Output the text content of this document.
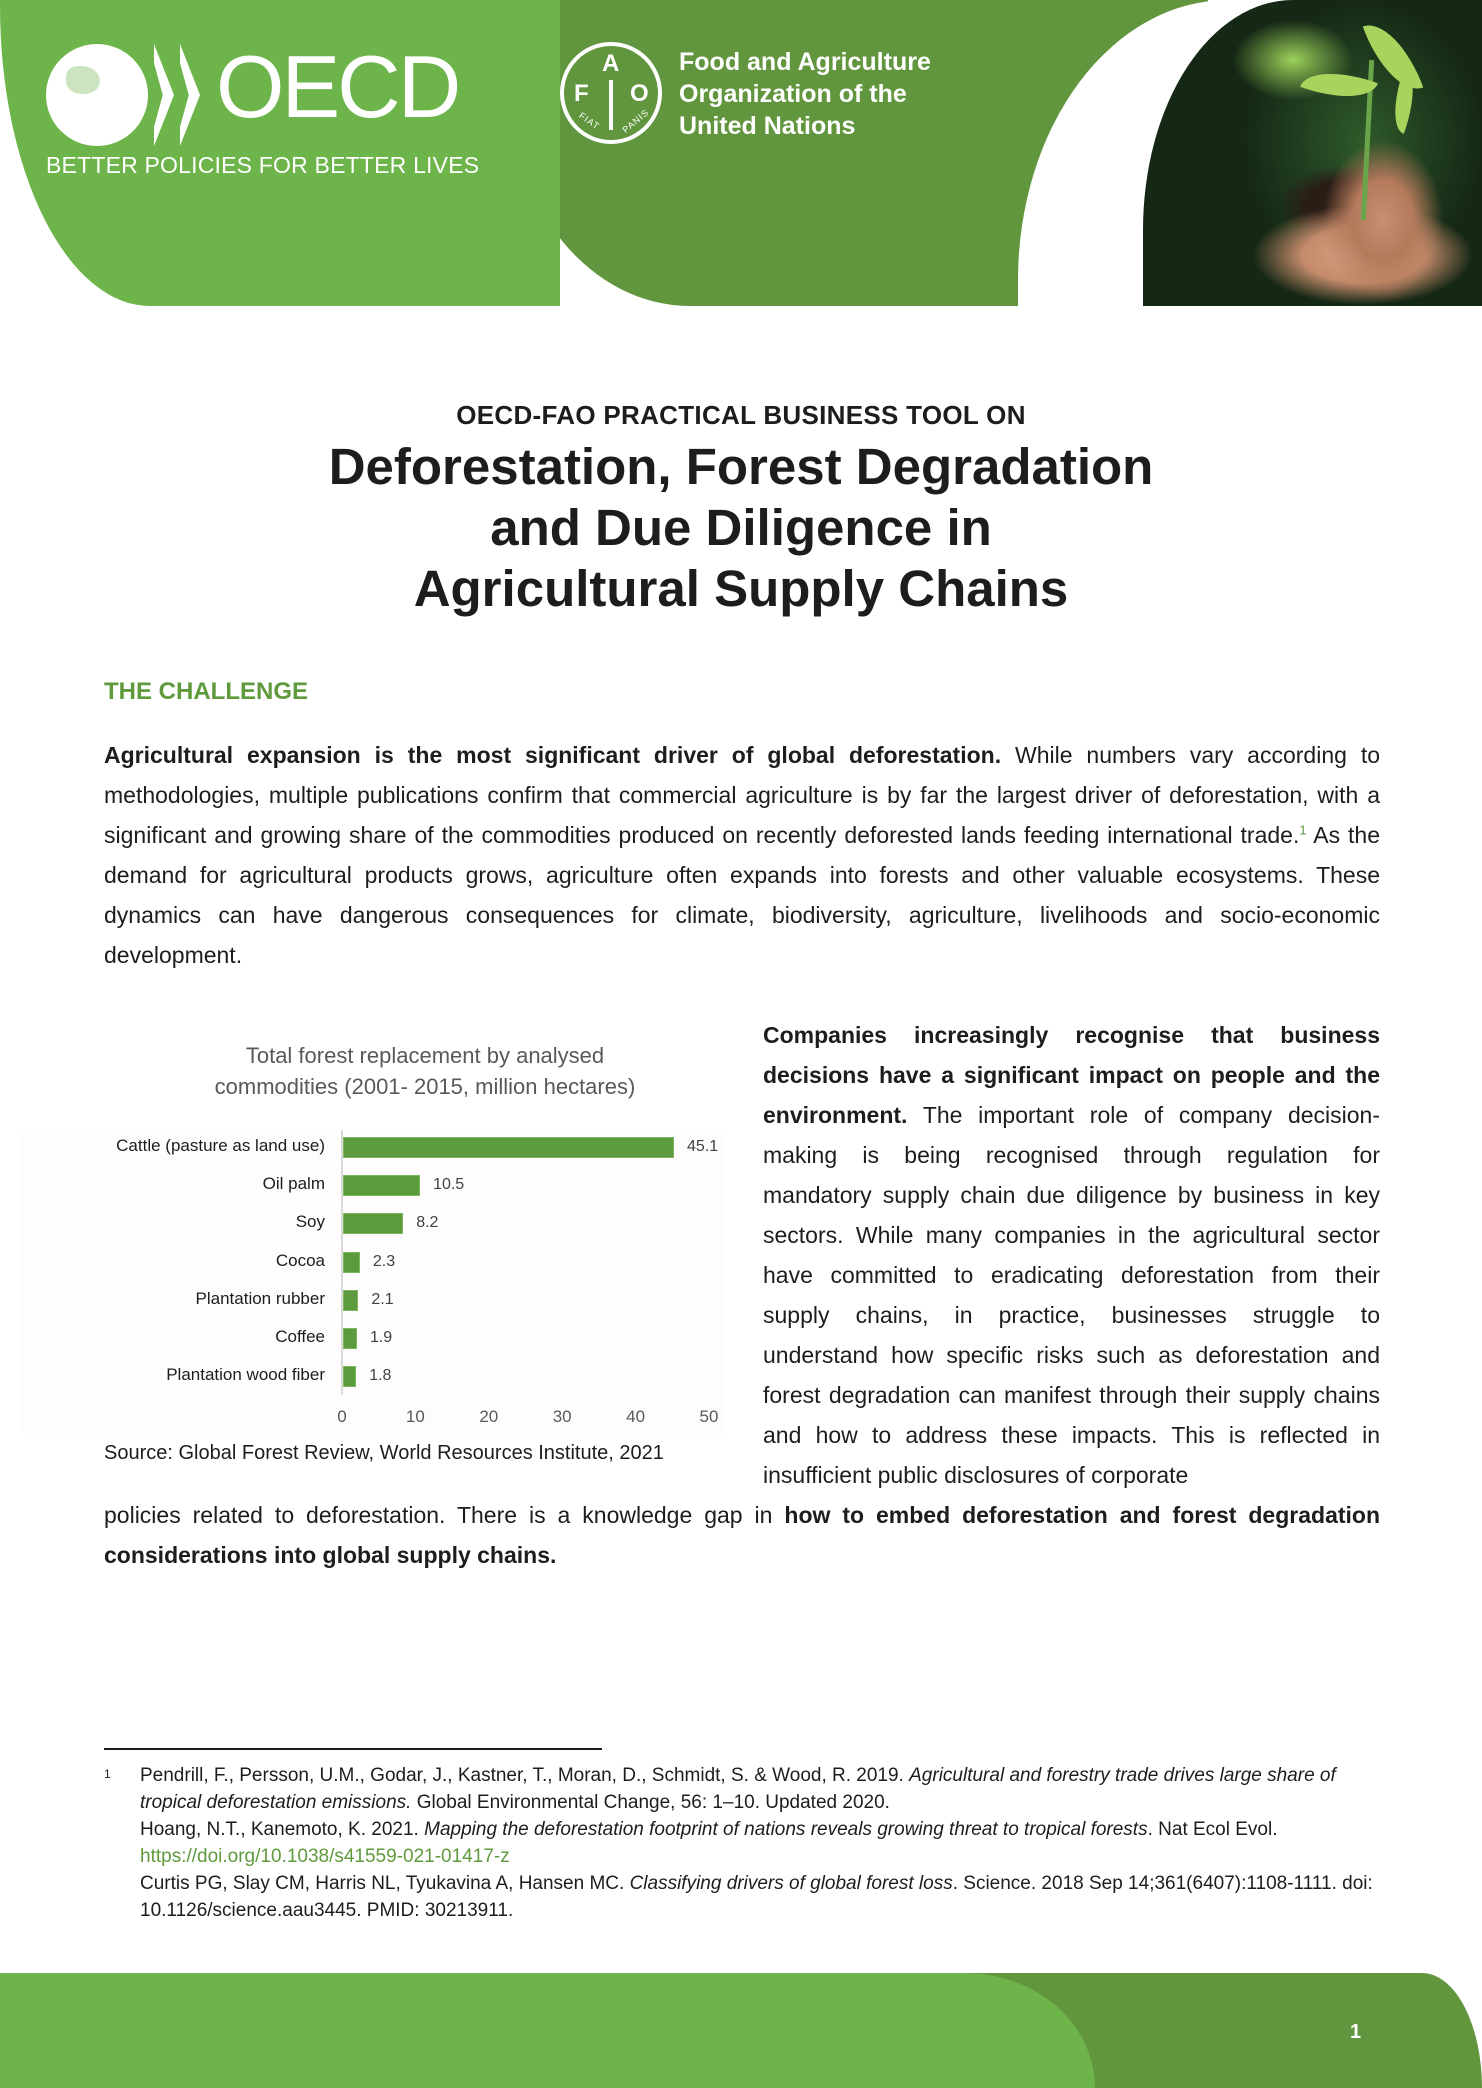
OECD
BETTER POLICIES FOR BETTER LIVES
F
A
O
FIAT PANIS
Food and Agriculture
Organization of the
United Nations
OECD-FAO PRACTICAL BUSINESS TOOL ON
Deforestation, Forest Degradation
and Due Diligence in
Agricultural Supply Chains
THE CHALLENGE
Agricultural expansion is the most significant driver of global deforestation. While numbers vary according to methodologies, multiple publications confirm that commercial agriculture is by far the largest driver of deforestation, with a significant and growing share of the commodities produced on recently deforested lands feeding international trade.$^1$ As the demand for agricultural products grows, agriculture often expands into forests and other valuable ecosystems. These dynamics can have dangerous consequences for climate, biodiversity, agriculture, livelihoods and socio-economic development.
Companies increasingly recognise that business decisions have a significant impact on people and the environment. The important role of company decision-making is being recognised through regulation for mandatory supply chain due diligence by business in key sectors. While many companies in the agricultural sector have committed to eradicating deforestation from their supply chains, in practice, businesses struggle to understand how specific risks such as deforestation and forest degradation can manifest through their supply chains and how to address these impacts. This is reflected in insufficient public disclosures of corporate
policies related to deforestation. There is a knowledge gap in how to embed deforestation and forest degradation considerations into global supply chains.
Total forest replacement by analysed
commodities (2001- 2015, million hectares)
Cattle (pasture as land use)	45.1
Oil palm	10.5
Soy	8.2
Cocoa	2.3
Plantation rubber	2.1
Coffee	1.9
Plantation wood fiber	1.8
0	10	20	30	40	50
Source: Global Forest Review, World Resources Institute, 2021
1 Pendrill, F., Persson, U.M., Godar, J., Kastner, T., Moran, D., Schmidt, S. & Wood, R. 2019. Agricultural and forestry trade drives large share of tropical deforestation emissions. Global Environmental Change, 56: 1–10. Updated 2020.
Hoang, N.T., Kanemoto, K. 2021. Mapping the deforestation footprint of nations reveals growing threat to tropical forests. Nat Ecol Evol.
https://doi.org/10.1038/s41559-021-01417-z
Curtis PG, Slay CM, Harris NL, Tyukavina A, Hansen MC. Classifying drivers of global forest loss. Science. 2018 Sep 14;361(6407):1108-1111. doi: 10.1126/science.aau3445. PMID: 30213911.
1
